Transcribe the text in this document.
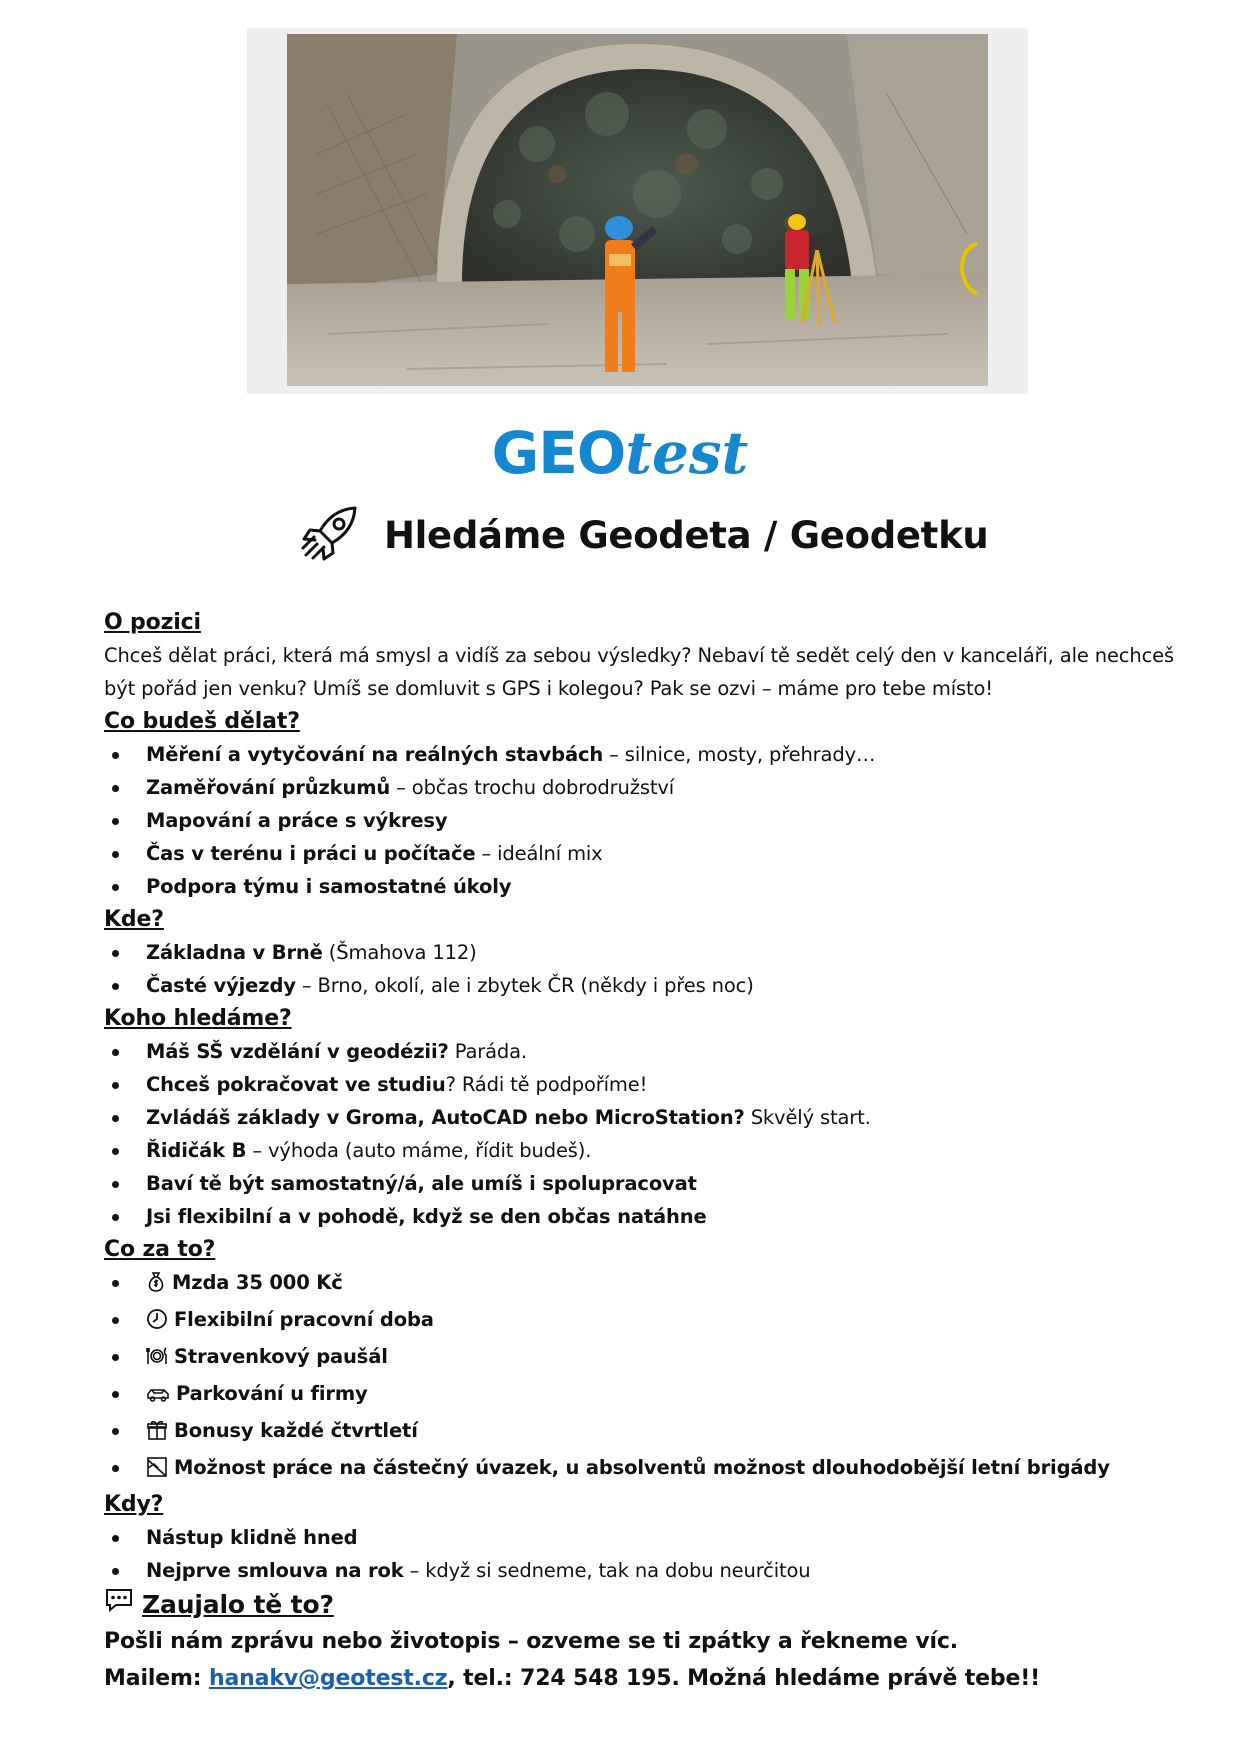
GEOtest
Hledáme Geodeta / Geodetku
O pozici

Chceš dělat práci, která má smysl a vidíš za sebou výsledky? Nebaví tě sedět celý den v kanceláři, ale nechceš být pořád jen venku? Umíš se domluvit s GPS i kolegou? Pak se ozvi – máme pro tebe místo!

Co budeš dělat?
Měření a vytyčování na reálných stavbách – silnice, mosty, přehrady…
Zaměřování průzkumů – občas trochu dobrodružství
Mapování a práce s výkresy
Čas v terénu i práci u počítače – ideální mix
Podpora týmu i samostatné úkoly
Kde?
Základna v Brně (Šmahova 112)
Časté výjezdy – Brno, okolí, ale i zbytek ČR (někdy i přes noc)
Koho hledáme?
Máš SŠ vzdělání v geodézii? Paráda.
Chceš pokračovat ve studiu? Rádi tě podpoříme!
Zvládáš základy v Groma, AutoCAD nebo MicroStation? Skvělý start.
Řidičák B – výhoda (auto máme, řídit budeš).
Baví tě být samostatný/á, ale umíš i spolupracovat
Jsi flexibilní a v pohodě, když se den občas natáhne
Co za to?
Mzda 35 000 Kč
Flexibilní pracovní doba
Stravenkový paušál
Parkování u firmy
Bonusy každé čtvrtletí
Možnost práce na částečný úvazek, u absolventů možnost dlouhodobější letní brigády
Kdy?
Nástup klidně hned
Nejprve smlouva na rok – když si sedneme, tak na dobu neurčitou
Zaujalo tě to?
Pošli nám zprávu nebo životopis – ozveme se ti zpátky a řekneme víc.
Mailem: hanakv@geotest.cz, tel.: 724 548 195. Možná hledáme právě tebe!!
